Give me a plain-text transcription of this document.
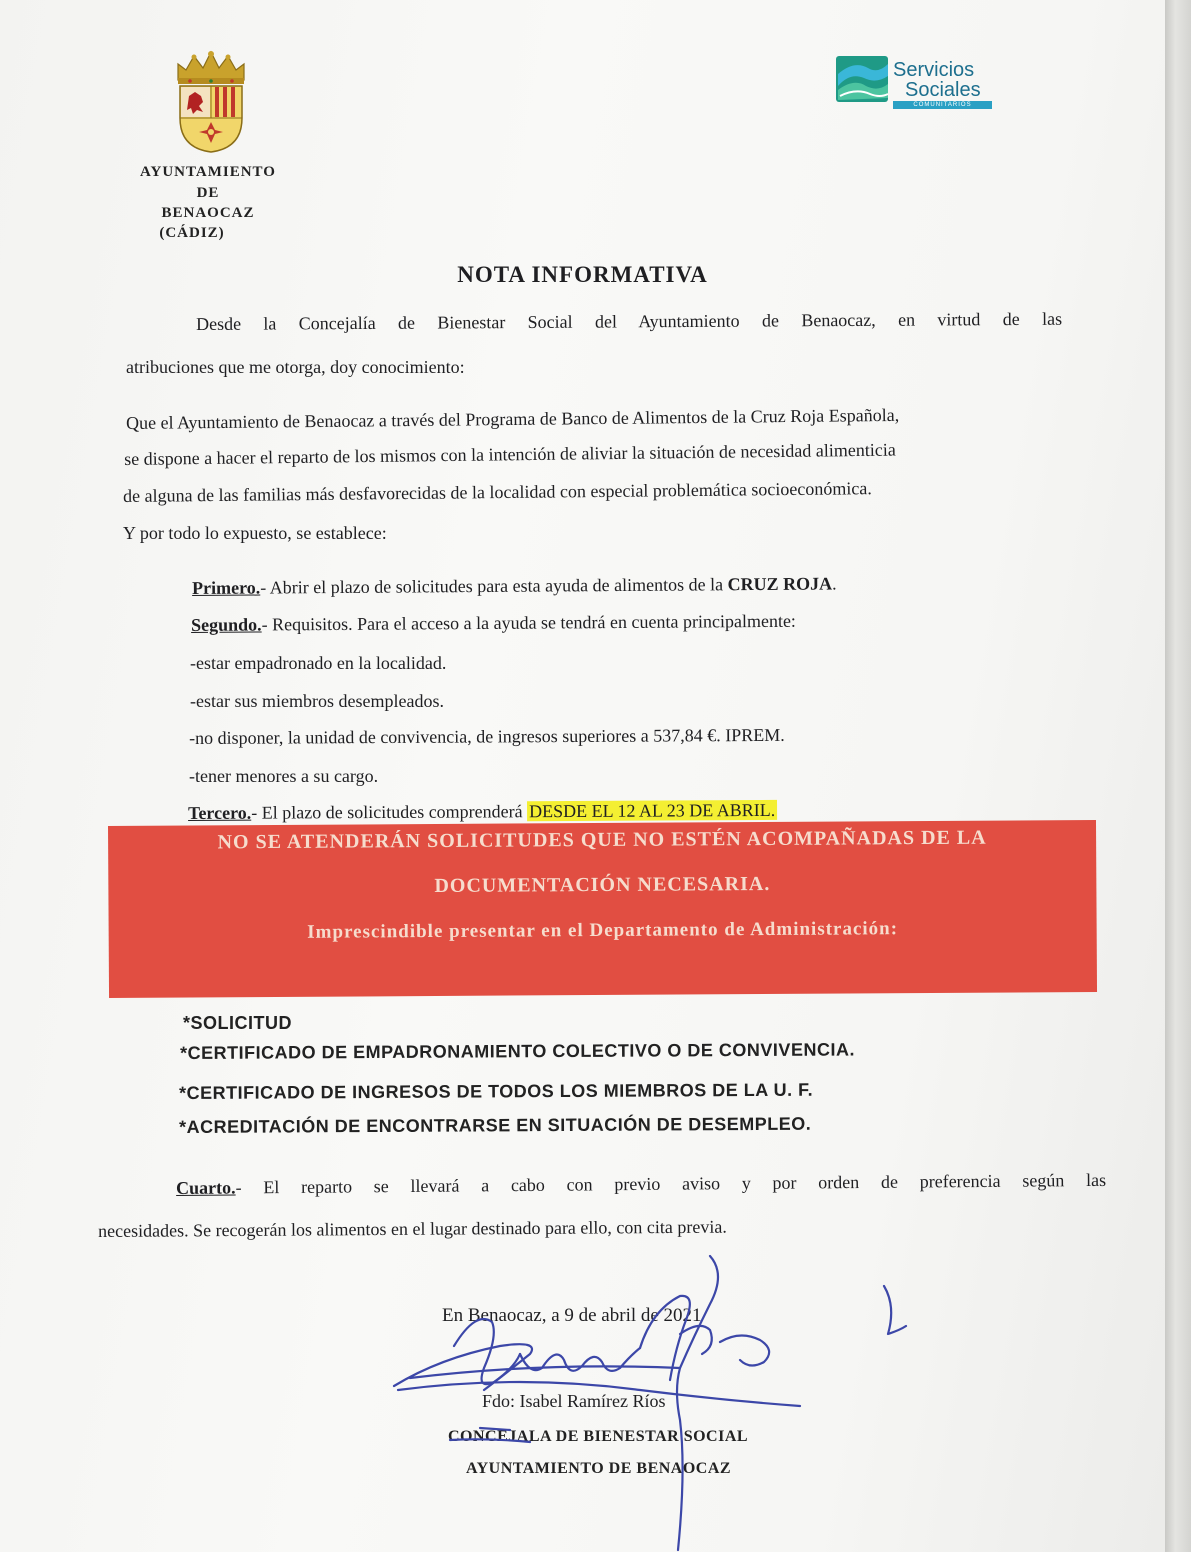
AYUNTAMIENTO
DE
BENAOCAZ
(CÁDIZ)
Servicios
Sociales
COMUNITARIOS
NOTA INFORMATIVA
Desde la Concejalía de Bienestar Social del Ayuntamiento de Benaocaz, en virtud de las
atribuciones que me otorga, doy conocimiento:
Que el Ayuntamiento de Benaocaz a través del Programa de Banco de Alimentos de la Cruz Roja Española,
se dispone a hacer el reparto de los mismos con la intención de aliviar la situación de necesidad alimenticia
de alguna de las familias más desfavorecidas de la localidad con especial problemática socioeconómica.
Y por todo lo expuesto, se establece:
Primero.- Abrir el plazo de solicitudes para esta ayuda de alimentos de la CRUZ ROJA.
Segundo.- Requisitos. Para el acceso a la ayuda se tendrá en cuenta principalmente:
-estar empadronado en la localidad.
-estar sus miembros desempleados.
-no disponer, la unidad de convivencia, de ingresos superiores a 537,84 €. IPREM.
-tener menores a su cargo.
Tercero.- El plazo de solicitudes comprenderá DESDE EL 12 AL 23 DE ABRIL.
NO SE ATENDERÁN SOLICITUDES QUE NO ESTÉN ACOMPAÑADAS DE LA
DOCUMENTACIÓN NECESARIA.
Imprescindible presentar en el Departamento de Administración:
*SOLICITUD
*CERTIFICADO DE EMPADRONAMIENTO COLECTIVO O DE CONVIVENCIA.
*CERTIFICADO DE INGRESOS DE TODOS LOS MIEMBROS DE LA U. F.
*ACREDITACIÓN DE ENCONTRARSE EN SITUACIÓN DE DESEMPLEO.
Cuarto.- El reparto se llevará a cabo con previo aviso y por orden de preferencia según las
necesidades. Se recogerán los alimentos en el lugar destinado para ello, con cita previa.
En Benaocaz, a 9 de abril de 2021
Fdo: Isabel Ramírez Ríos
CONCEJALA DE BIENESTAR SOCIAL
AYUNTAMIENTO DE BENAOCAZ
